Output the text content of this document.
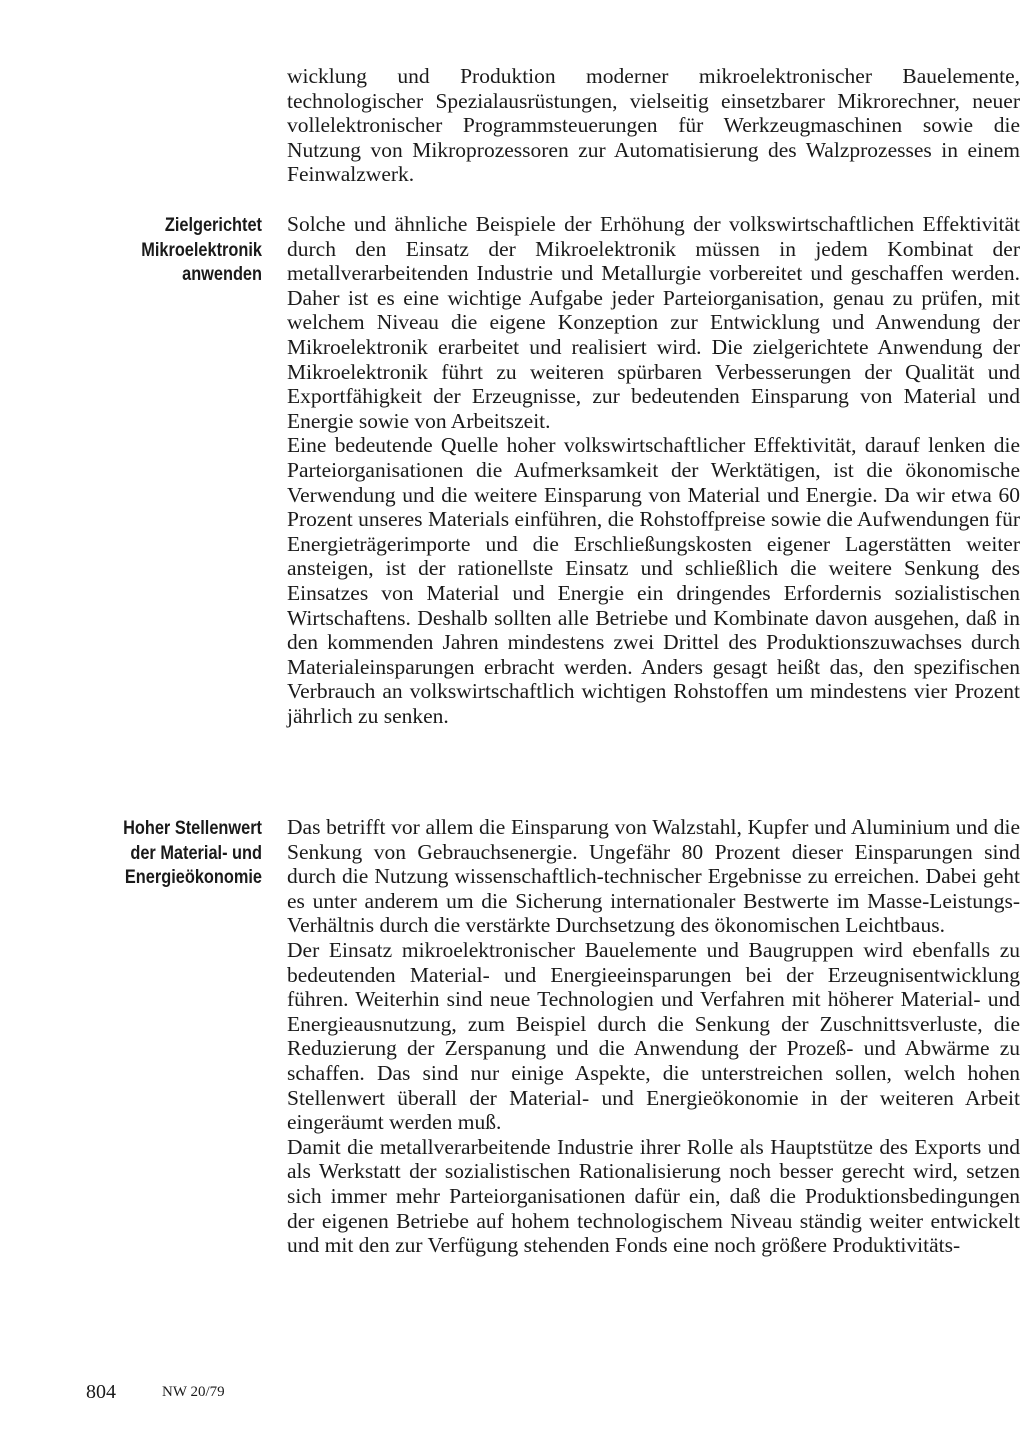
wicklung und Produktion moderner mikroelektronischer Bauelemente, technologischer Spezialausrüstungen, vielseitig einsetzbarer Mikrorechner, neuer vollelektronischer Programmsteuerungen für Werkzeugmaschinen sowie die Nutzung von Mikroprozessoren zur Automatisierung des Walzprozesses in einem Feinwalzwerk.

Zielgerichtet
Mikroelektronik
anwenden

Solche und ähnliche Beispiele der Erhöhung der volkswirtschaftlichen Effektivität durch den Einsatz der Mikroelektronik müssen in jedem Kombinat der metallverarbeitenden Industrie und Metallurgie vorbereitet und geschaffen werden. Daher ist es eine wichtige Aufgabe jeder Parteiorganisation, genau zu prüfen, mit welchem Niveau die eigene Konzeption zur Entwicklung und Anwendung der Mikroelektronik erarbeitet und realisiert wird. Die zielgerichtete Anwendung der Mikroelektronik führt zu weiteren spürbaren Verbesserungen der Qualität und Exportfähigkeit der Erzeugnisse, zur bedeutenden Einsparung von Material und Energie sowie von Arbeitszeit.

Eine bedeutende Quelle hoher volkswirtschaftlicher Effektivität, darauf lenken die Parteiorganisationen die Aufmerksamkeit der Werktätigen, ist die ökonomische Verwendung und die weitere Einsparung von Material und Energie. Da wir etwa 60 Prozent unseres Materials einführen, die Rohstoffpreise sowie die Aufwendungen für Energieträgerimporte und die Erschließungskosten eigener Lagerstätten weiter ansteigen, ist der rationellste Einsatz und schließlich die weitere Senkung des Einsatzes von Material und Energie ein dringendes Erfordernis sozialistischen Wirtschaftens. Deshalb sollten alle Betriebe und Kombinate davon ausgehen, daß in den kommenden Jahren mindestens zwei Drittel des Produktionszuwachses durch Materialeinsparungen erbracht werden. Anders gesagt heißt das, den spezifischen Verbrauch an volkswirtschaftlich wichtigen Rohstoffen um mindestens vier Prozent jährlich zu senken.

Hoher Stellenwert
der Material- und
Energieökonomie

Das betrifft vor allem die Einsparung von Walzstahl, Kupfer und Aluminium und die Senkung von Gebrauchsenergie. Ungefähr 80 Prozent dieser Einsparungen sind durch die Nutzung wissenschaftlich-technischer Ergebnisse zu erreichen. Dabei geht es unter anderem um die Sicherung internationaler Bestwerte im Masse-Leistungs-Verhältnis durch die verstärkte Durchsetzung des ökonomischen Leichtbaus.

Der Einsatz mikroelektronischer Bauelemente und Baugruppen wird ebenfalls zu bedeutenden Material- und Energieeinsparungen bei der Erzeugnisentwicklung führen. Weiterhin sind neue Technologien und Verfahren mit höherer Material- und Energieausnutzung, zum Beispiel durch die Senkung der Zuschnittsverluste, die Reduzierung der Zerspanung und die Anwendung der Prozeß- und Abwärme zu schaffen. Das sind nur einige Aspekte, die unterstreichen sollen, welch hohen Stellenwert überall der Material- und Energieökonomie in der weiteren Arbeit eingeräumt werden muß.

Damit die metallverarbeitende Industrie ihrer Rolle als Hauptstütze des Exports und als Werkstatt der sozialistischen Rationalisierung noch besser gerecht wird, setzen sich immer mehr Parteiorganisationen dafür ein, daß die Produktionsbedingungen der eigenen Betriebe auf hohem technologischem Niveau ständig weiter entwickelt und mit den zur Verfügung stehenden Fonds eine noch größere Produktivitäts-

804	NW 20/79
